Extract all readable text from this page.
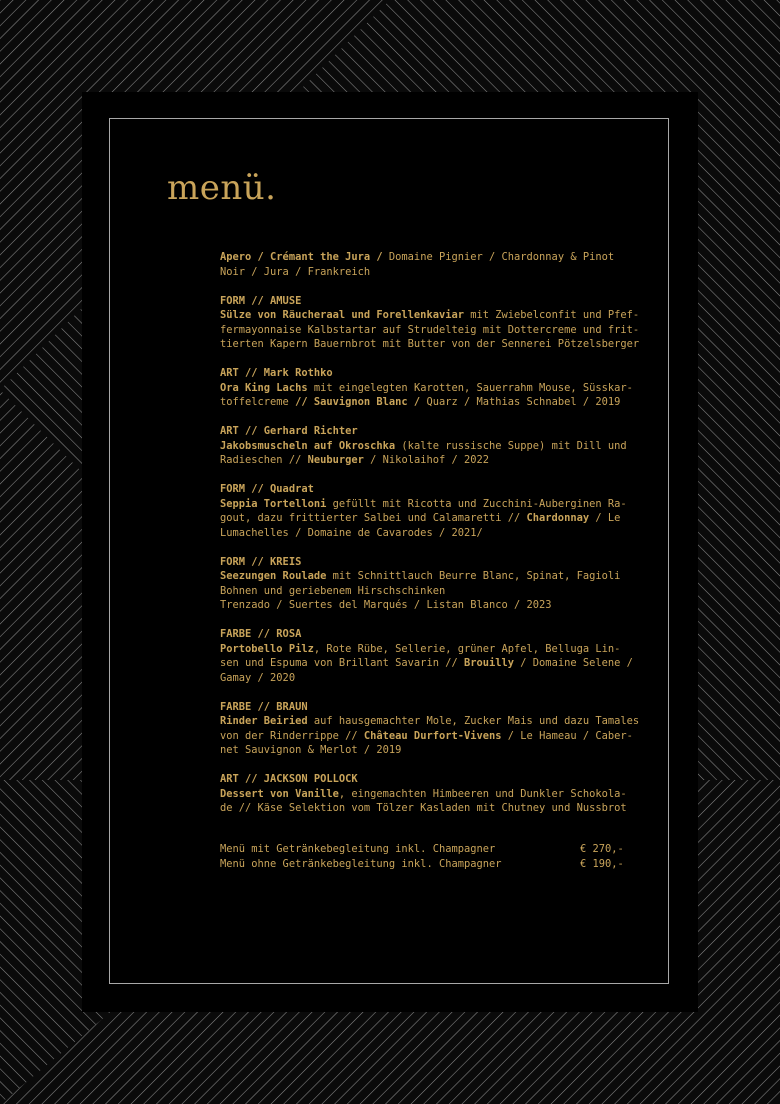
menü.

Apero / Crémant the Jura / Domaine Pignier / Chardonnay & Pinot

Noir / Jura / Frankreich

FORM // AMUSE

Sülze von Räucheraal und Forellenkaviar mit Zwiebelconfit und Pfef-

fermayonnaise Kalbstartar auf Strudelteig mit Dottercreme und frit-

tierten Kapern Bauernbrot mit Butter von der Sennerei Pötzelsberger

ART // Mark Rothko

Ora King Lachs mit eingelegten Karotten, Sauerrahm Mouse, Süsskar-

toffelcreme // Sauvignon Blanc / Quarz / Mathias Schnabel / 2019

ART // Gerhard Richter

Jakobsmuscheln auf Okroschka (kalte russische Suppe) mit Dill und

Radieschen // Neuburger / Nikolaihof / 2022

FORM // Quadrat

Seppia Tortelloni gefüllt mit Ricotta und Zucchini-Auberginen Ra-

gout, dazu frittierter Salbei und Calamaretti // Chardonnay / Le

Lumachelles / Domaine de Cavarodes / 2021/

FORM // KREIS

Seezungen Roulade mit Schnittlauch Beurre Blanc, Spinat, Fagioli

Bohnen und geriebenem Hirschschinken

Trenzado / Suertes del Marqués / Listan Blanco / 2023

FARBE // ROSA

Portobello Pilz, Rote Rübe, Sellerie, grüner Apfel, Belluga Lin-

sen und Espuma von Brillant Savarin // Brouilly / Domaine Selene /

Gamay / 2020

FARBE // BRAUN

Rinder Beiried auf hausgemachter Mole, Zucker Mais und dazu Tamales

von der Rinderrippe // Château Durfort-Vivens / Le Hameau / Caber-

net Sauvignon & Merlot / 2019

ART // JACKSON POLLOCK

Dessert von Vanille, eingemachten Himbeeren und Dunkler Schokola-

de // Käse Selektion vom Tölzer Kasladen mit Chutney und Nussbrot

Menü mit Getränkebegleitung inkl. Champagner	€ 270,-
Menü ohne Getränkebegleitung inkl. Champagner	€ 190,-
